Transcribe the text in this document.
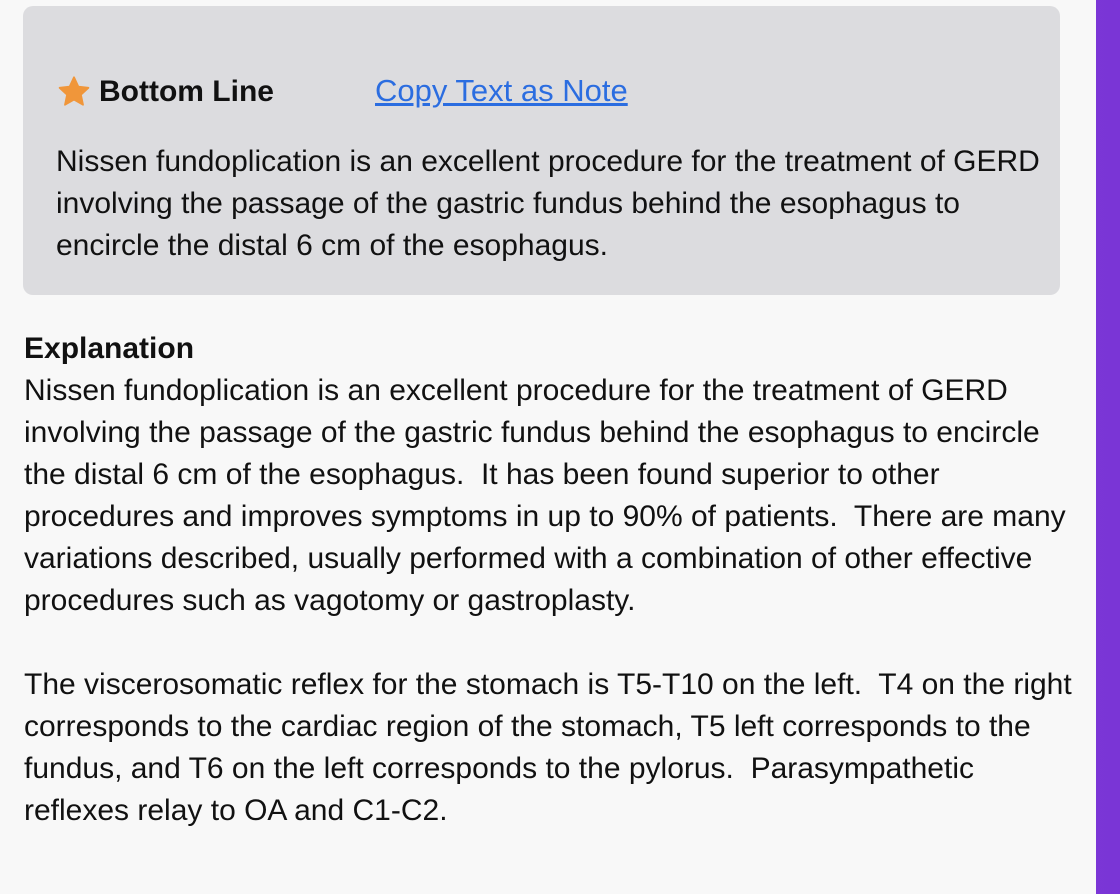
Bottom Line	Copy Text as Note

Nissen fundoplication is an excellent procedure for the treatment of GERD involving the passage of the gastric fundus behind the esophagus to encircle the distal 6 cm of the esophagus.

Explanation

Nissen fundoplication is an excellent procedure for the treatment of GERD involving the passage of the gastric fundus behind the esophagus to encircle the distal 6 cm of the esophagus.  It has been found superior to other procedures and improves symptoms in up to 90% of patients.  There are many variations described, usually performed with a combination of other effective procedures such as vagotomy or gastroplasty.

The viscerosomatic reflex for the stomach is T5-T10 on the left.  T4 on the right corresponds to the cardiac region of the stomach, T5 left corresponds to the fundus, and T6 on the left corresponds to the pylorus.  Parasympathetic reflexes relay to OA and C1-C2.
